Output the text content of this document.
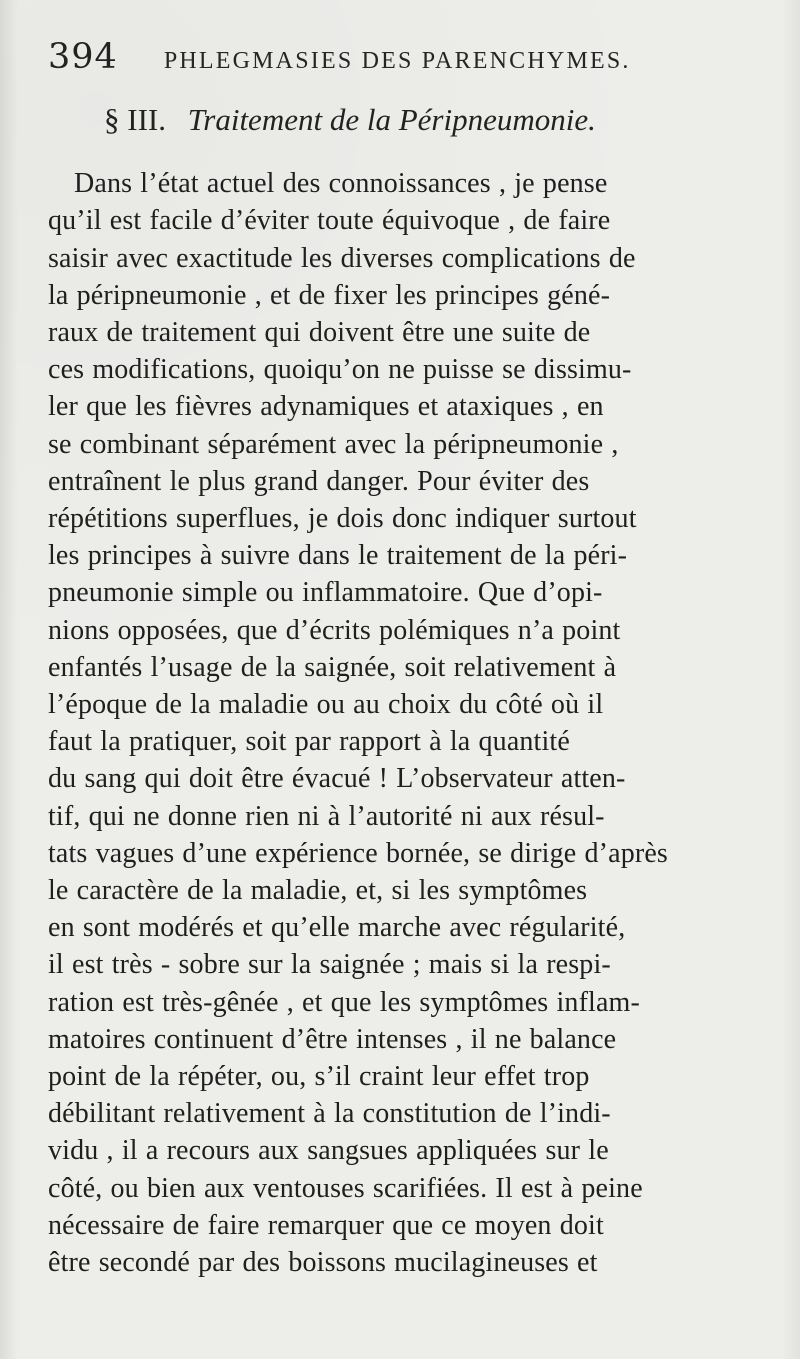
394 PHLEGMASIES DES PARENCHYMES.
§ III. Traitement de la Péripneumonie.
Dans l’état actuel des connoissances , je pense
qu’il est facile d’éviter toute équivoque , de faire
saisir avec exactitude les diverses complications de
la péripneumonie , et de fixer les principes géné-
raux de traitement qui doivent être une suite de
ces modifications, quoiqu’on ne puisse se dissimu-
ler que les fièvres adynamiques et ataxiques , en
se combinant séparément avec la péripneumonie ,
entraînent le plus grand danger. Pour éviter des
répétitions superflues, je dois donc indiquer surtout
les principes à suivre dans le traitement de la péri-
pneumonie simple ou inflammatoire. Que d’opi-
nions opposées, que d’écrits polémiques n’a point
enfantés l’usage de la saignée, soit relativement à
l’époque de la maladie ou au choix du côté où il
faut la pratiquer, soit par rapport à la quantité
du sang qui doit être évacué ! L’observateur atten-
tif, qui ne donne rien ni à l’autorité ni aux résul-
tats vagues d’une expérience bornée, se dirige d’après
le caractère de la maladie, et, si les symptômes
en sont modérés et qu’elle marche avec régularité,
il est très - sobre sur la saignée ; mais si la respi-
ration est très-gênée , et que les symptômes inflam-
matoires continuent d’être intenses , il ne balance
point de la répéter, ou, s’il craint leur effet trop
débilitant relativement à la constitution de l’indi-
vidu , il a recours aux sangsues appliquées sur le
côté, ou bien aux ventouses scarifiées. Il est à peine
nécessaire de faire remarquer que ce moyen doit
être secondé par des boissons mucilagineuses et
